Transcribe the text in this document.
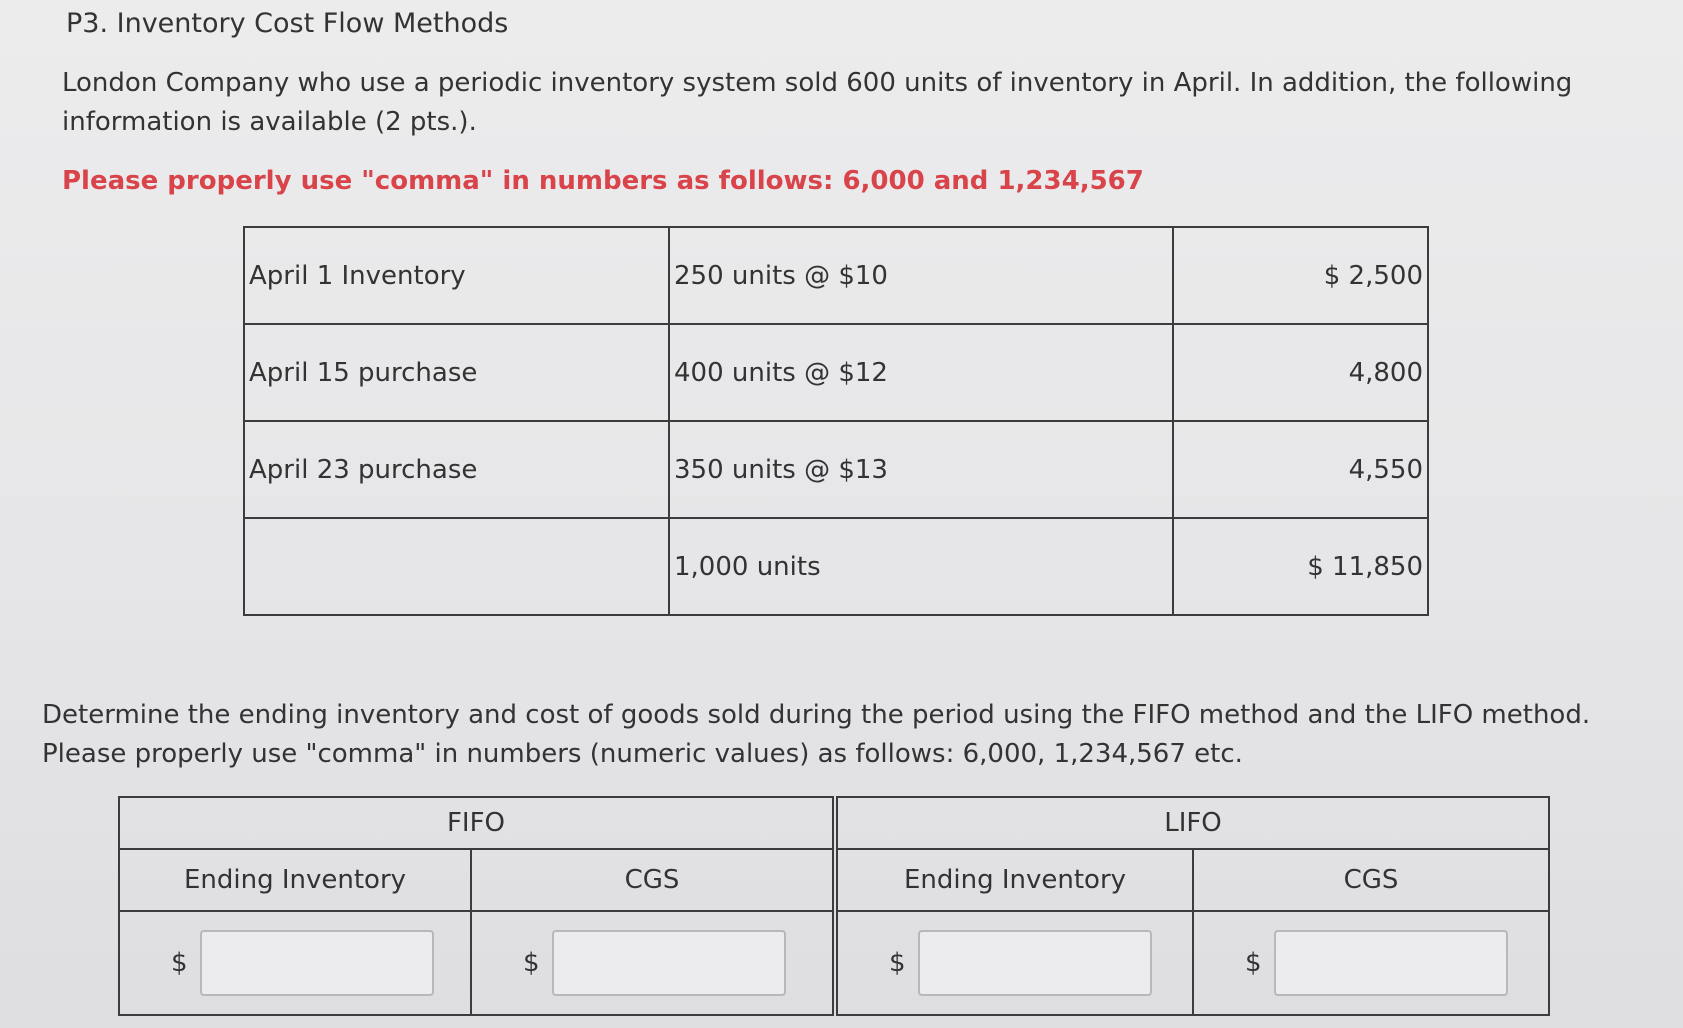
P3. Inventory Cost Flow Methods
London Company who use a periodic inventory system sold 600 units of inventory in April. In addition, the following information is available (2 pts.).
Please properly use "comma" in numbers as follows: 6,000 and 1,234,567
April 1 Inventory	250 units @ $10	$ 2,500
April 15 purchase	400 units @ $12	4,800
April 23 purchase	350 units @ $13	4,550
	1,000 units	$ 11,850
Determine the ending inventory and cost of goods sold during the period using the FIFO method and the LIFO method. Please properly use "comma" in numbers (numeric values) as follows: 6,000, 1,234,567 etc.
FIFO		LIFO	
Ending Inventory	CGS	Ending Inventory	CGS

$	$	$	$
